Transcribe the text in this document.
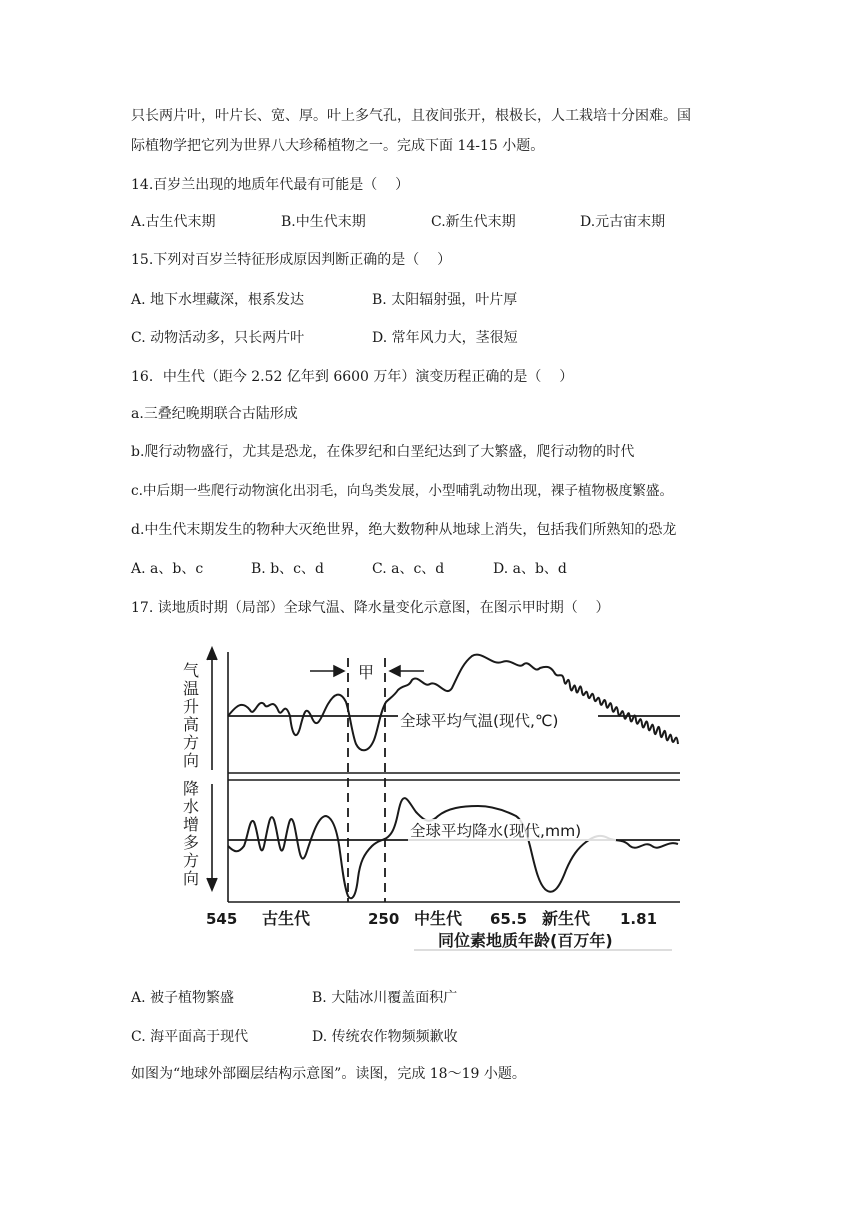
只长两片叶，叶片长、宽、厚。叶上多气孔，且夜间张开，根极长，人工栽培十分困难。国
际植物学把它列为世界八大珍稀植物之一。完成下面 14-15 小题。
14.百岁兰出现的地质年代最有可能是（    ）
A.古生代末期	B.中生代末期	C.新生代末期	D.元古宙末期
15.下列对百岁兰特征形成原因判断正确的是（    ）
A. 地下水埋藏深，根系发达	B. 太阳辐射强，叶片厚
C. 动物活动多，只长两片叶	D. 常年风力大，茎很短
16．中生代（距今 2.52 亿年到 6600 万年）演变历程正确的是（    ）
a.三叠纪晚期联合古陆形成
b.爬行动物盛行，尤其是恐龙，在侏罗纪和白垩纪达到了大繁盛，爬行动物的时代
c.中后期一些爬行动物演化出羽毛，向鸟类发展，小型哺乳动物出现，裸子植物极度繁盛。
d.中生代末期发生的物种大灭绝世界，绝大数物种从地球上消失，包括我们所熟知的恐龙
A. a、b、c	B. b、c、d	C. a、c、d	D. a、b、d
17. 读地质时期（局部）全球气温、降水量变化示意图，在图示甲时期（    ）
气温升高方向
降水增多方向
甲
全球平均气温(现代,℃)
全球平均降水(现代,mm)
545 古生代	250 中生代 65.5 新生代 1.81
同位素地质年龄(百万年)
A. 被子植物繁盛	B. 大陆冰川覆盖面积广
C. 海平面高于现代	D. 传统农作物频频歉收
如图为“地球外部圈层结构示意图”。读图，完成 18～19 小题。
